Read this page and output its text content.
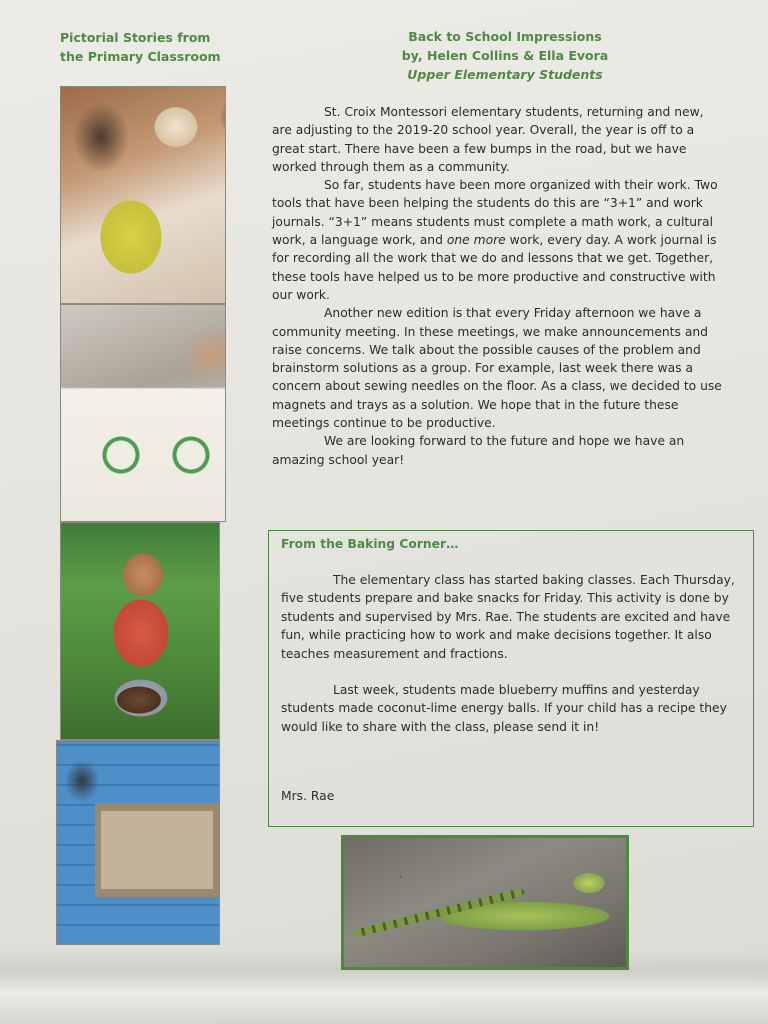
Pictorial Stories from
the Primary Classroom
Back to School Impressions
by, Helen Collins & Ella Evora
Upper Elementary Students

St. Croix Montessori elementary students, returning and new, are adjusting to the 2019-20 school year. Overall, the year is off to a great start. There have been a few bumps in the road, but we have worked through them as a community.

So far, students have been more organized with their work. Two tools that have been helping the students do this are “3+1” and work journals. “3+1” means students must complete a math work, a cultural work, a language work, and one more work, every day. A work journal is for recording all the work that we do and lessons that we get. Together, these tools have helped us to be more productive and constructive with our work.

Another new edition is that every Friday afternoon we have a community meeting. In these meetings, we make announcements and raise concerns. We talk about the possible causes of the problem and brainstorm solutions as a group. For example, last week there was a concern about sewing needles on the floor. As a class, we decided to use magnets and trays as a solution. We hope that in the future these meetings continue to be productive.

We are looking forward to the future and hope we have an amazing school year!

From the Baking Corner…

The elementary class has started baking classes. Each Thursday, five students prepare and bake snacks for Friday. This activity is done by students and supervised by Mrs. Rae. The students are excited and have fun, while practicing how to work and make decisions together. It also teaches measurement and fractions.

Last week, students made blueberry muffins and yesterday students made coconut-lime energy balls. If your child has a recipe they would like to share with the class, please send it in!

Mrs. Rae
